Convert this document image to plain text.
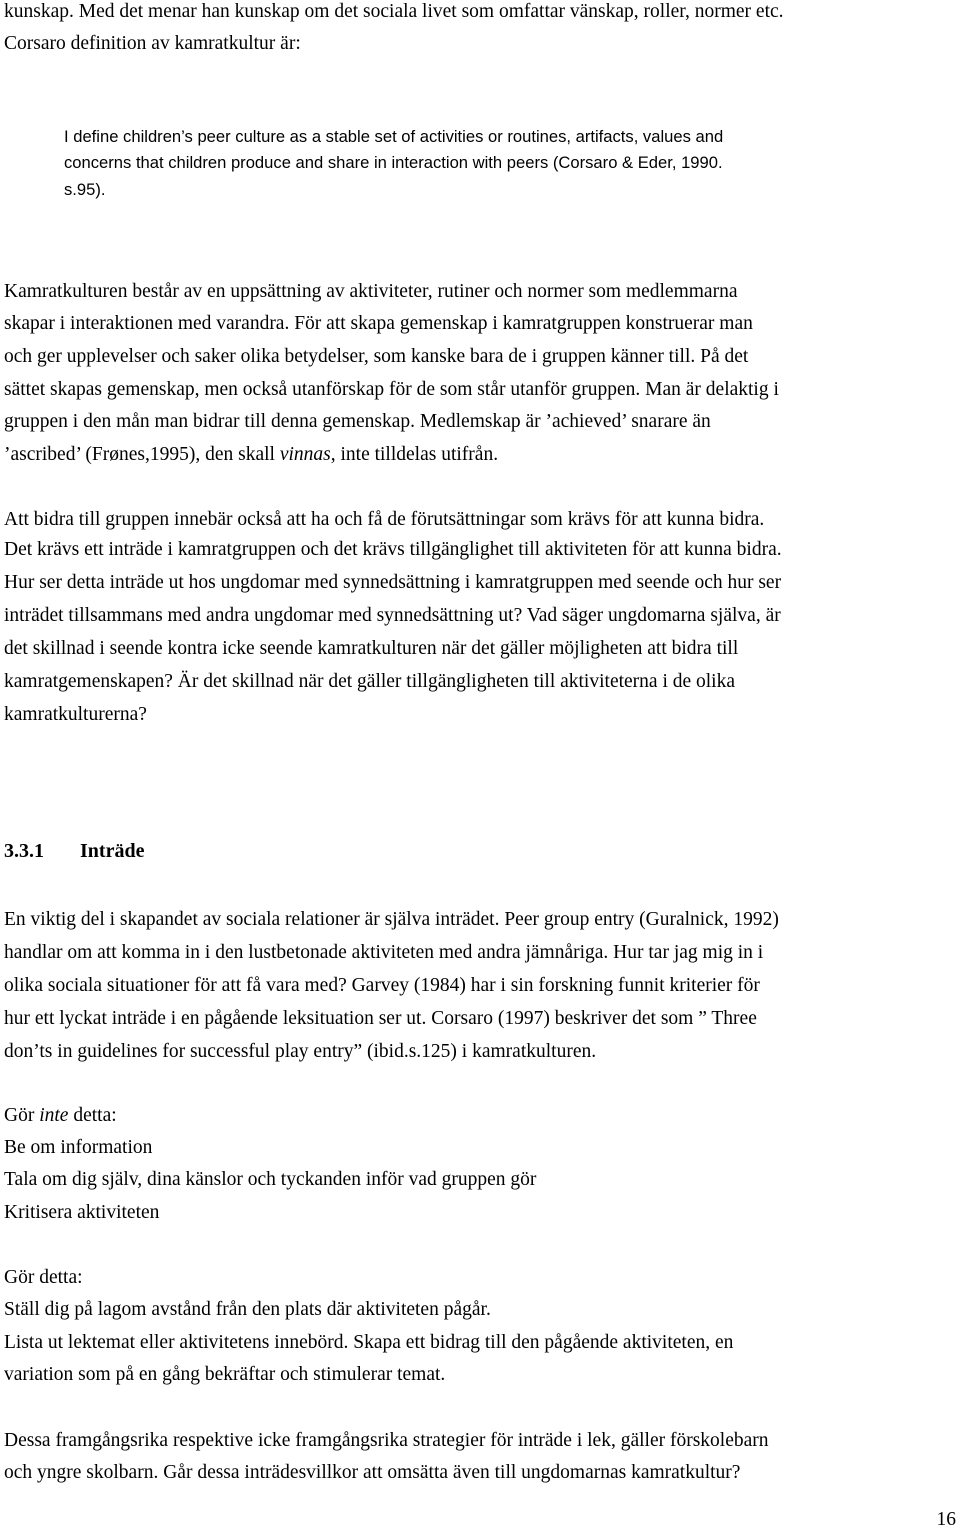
kunskap. Med det menar han kunskap om det sociala livet som omfattar vänskap, roller, normer etc.
Corsaro definition av kamratkultur är:
I define children’s peer culture as a stable set of activities or routines, artifacts, values and
concerns that children produce and share in interaction with peers (Corsaro & Eder, 1990.
s.95).
Kamratkulturen består av en uppsättning av aktiviteter, rutiner och normer som medlemmarna
skapar i interaktionen med varandra. För att skapa gemenskap i kamratgruppen konstruerar man
och ger upplevelser och saker olika betydelser, som kanske bara de i gruppen känner till. På det
sättet skapas gemenskap, men också utanförskap för de som står utanför gruppen. Man är delaktig i
gruppen i den mån man bidrar till denna gemenskap. Medlemskap är ’achieved’ snarare än
’ascribed’ (Frønes,1995), den skall vinnas, inte tilldelas utifrån.
Att bidra till gruppen innebär också att ha och få de förutsättningar som krävs för att kunna bidra.
Det krävs ett inträde i kamratgruppen och det krävs tillgänglighet till aktiviteten för att kunna bidra.
Hur ser detta inträde ut hos ungdomar med synnedsättning i kamratgruppen med seende och hur ser
inträdet tillsammans med andra ungdomar med synnedsättning ut? Vad säger ungdomarna själva, är
det skillnad i seende kontra icke seende kamratkulturen när det gäller möjligheten att bidra till
kamratgemenskapen? Är det skillnad när det gäller tillgängligheten till aktiviteterna i de olika
kamratkulturerna?
3.3.1 Inträde
En viktig del i skapandet av sociala relationer är själva inträdet. Peer group entry (Guralnick, 1992)
handlar om att komma in i den lustbetonade aktiviteten med andra jämnåriga. Hur tar jag mig in i
olika sociala situationer för att få vara med? Garvey (1984) har i sin forskning funnit kriterier för
hur ett lyckat inträde i en pågående leksituation ser ut. Corsaro (1997) beskriver det som ” Three
don’ts in guidelines for successful play entry” (ibid.s.125) i kamratkulturen.
Gör inte detta:
Be om information
Tala om dig själv, dina känslor och tyckanden inför vad gruppen gör
Kritisera aktiviteten
Gör detta:
Ställ dig på lagom avstånd från den plats där aktiviteten pågår.
Lista ut lektemat eller aktivitetens innebörd. Skapa ett bidrag till den pågående aktiviteten, en
variation som på en gång bekräftar och stimulerar temat.
Dessa framgångsrika respektive icke framgångsrika strategier för inträde i lek, gäller förskolebarn
och yngre skolbarn. Går dessa inträdesvillkor att omsätta även till ungdomarnas kamratkultur?
16
